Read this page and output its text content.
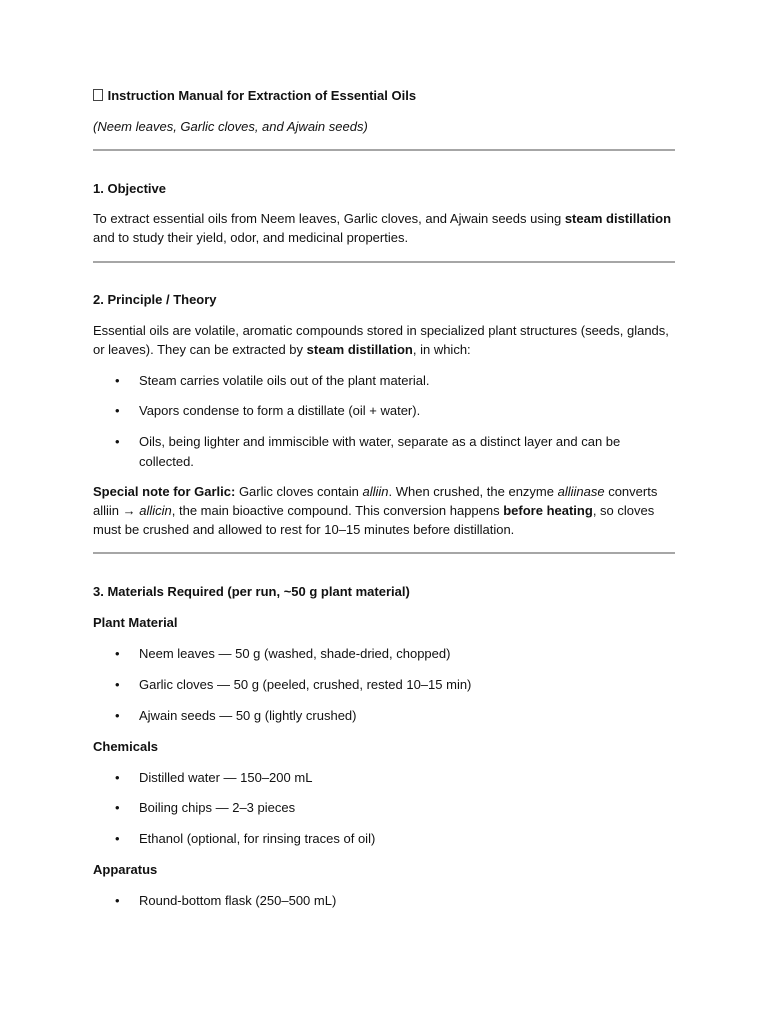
Instruction Manual for Extraction of Essential Oils
(Neem leaves, Garlic cloves, and Ajwain seeds)
1. Objective
To extract essential oils from Neem leaves, Garlic cloves, and Ajwain seeds using steam distillation
and to study their yield, odor, and medicinal properties.
2. Principle / Theory
Essential oils are volatile, aromatic compounds stored in specialized plant structures (seeds, glands,
or leaves). They can be extracted by steam distillation, in which:
•	Steam carries volatile oils out of the plant material.
•	Vapors condense to form a distillate (oil + water).
•	Oils, being lighter and immiscible with water, separate as a distinct layer and can be
collected.
Special note for Garlic: Garlic cloves contain alliin. When crushed, the enzyme alliinase converts
alliin → allicin, the main bioactive compound. This conversion happens before heating, so cloves
must be crushed and allowed to rest for 10–15 minutes before distillation.
3. Materials Required (per run, ~50 g plant material)
Plant Material
•	Neem leaves — 50 g (washed, shade-dried, chopped)
•	Garlic cloves — 50 g (peeled, crushed, rested 10–15 min)
•	Ajwain seeds — 50 g (lightly crushed)
Chemicals
•	Distilled water — 150–200 mL
•	Boiling chips — 2–3 pieces
•	Ethanol (optional, for rinsing traces of oil)
Apparatus
•	Round-bottom flask (250–500 mL)
